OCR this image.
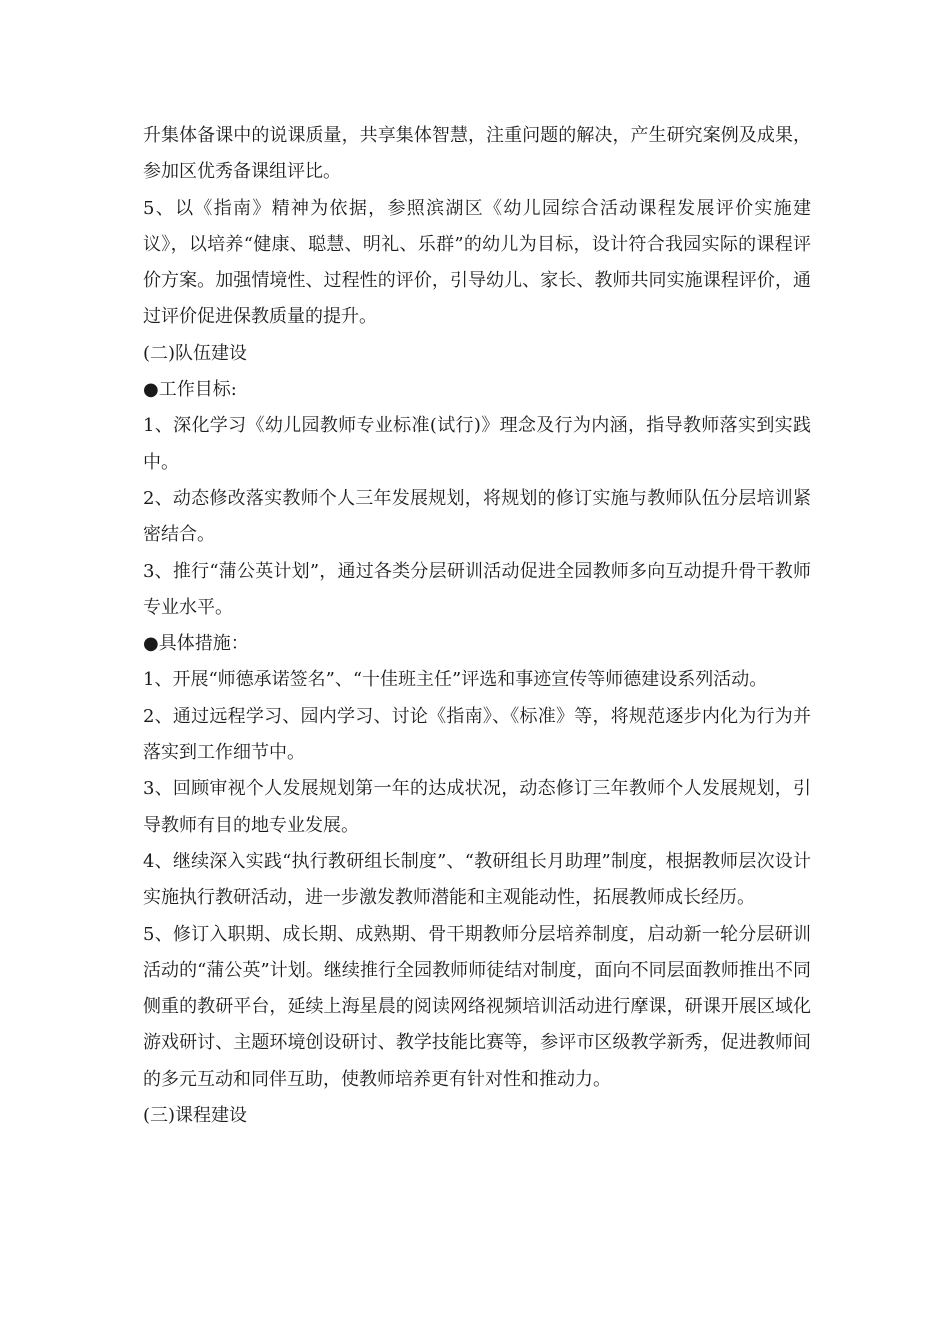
升集体备课中的说课质量，共享集体智慧，注重问题的解决，产生研究案例及成果，参加区优秀备课组评比。

5、以《指南》精神为依据，参照滨湖区《幼儿园综合活动课程发展评价实施建议》，以培养“健康、聪慧、明礼、乐群”的幼儿为目标，设计符合我园实际的课程评价方案。加强情境性、过程性的评价，引导幼儿、家长、教师共同实施课程评价，通过评价促进保教质量的提升。

(二)队伍建设

●工作目标:

1、深化学习《幼儿园教师专业标准(试行)》理念及行为内涵，指导教师落实到实践中。

2、动态修改落实教师个人三年发展规划，将规划的修订实施与教师队伍分层培训紧密结合。

3、推行“蒲公英计划”，通过各类分层研训活动促进全园教师多向互动提升骨干教师专业水平。

●具体措施：

1、开展“师德承诺签名”、“十佳班主任”评选和事迹宣传等师德建设系列活动。

2、通过远程学习、园内学习、讨论《指南》、《标准》等，将规范逐步内化为行为并落实到工作细节中。

3、回顾审视个人发展规划第一年的达成状况，动态修订三年教师个人发展规划，引导教师有目的地专业发展。

4、继续深入实践“执行教研组长制度”、“教研组长月助理”制度，根据教师层次设计实施执行教研活动，进一步激发教师潜能和主观能动性，拓展教师成长经历。

5、修订入职期、成长期、成熟期、骨干期教师分层培养制度，启动新一轮分层研训活动的“蒲公英”计划。继续推行全园教师师徒结对制度，面向不同层面教师推出不同侧重的教研平台，延续上海星晨的阅读网络视频培训活动进行摩课，研课开展区域化游戏研讨、主题环境创设研讨、教学技能比赛等，参评市区级教学新秀，促进教师间的多元互动和同伴互助，使教师培养更有针对性和推动力。

(三)课程建设
